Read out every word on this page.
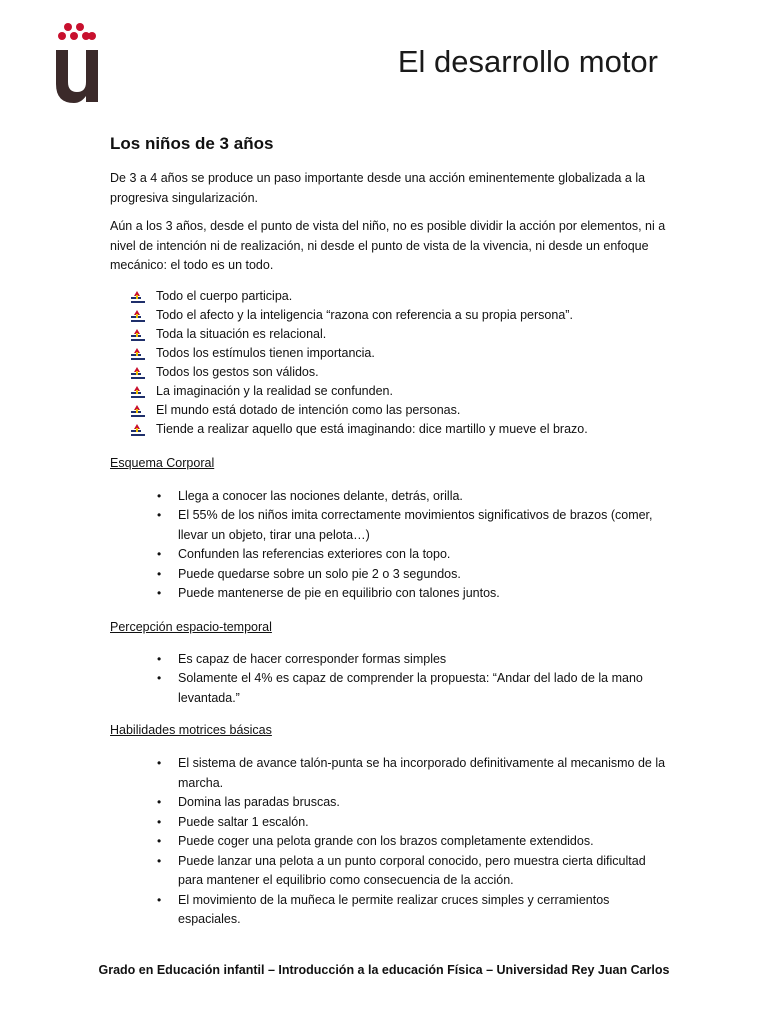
El desarrollo motor
Los niños de 3 años

De 3 a 4 años se produce un paso importante desde una acción eminentemente globalizada a la progresiva singularización.

Aún a los 3 años, desde el punto de vista del niño, no es posible dividir la acción por elementos, ni a nivel de intención ni de realización, ni desde el punto de vista de la vivencia, ni desde un enfoque mecánico: el todo es un todo.

Todo el cuerpo participa.
Todo el afecto y la inteligencia “razona con referencia a su propia persona”.
Toda la situación es relacional.
Todos los estímulos tienen importancia.
Todos los gestos son válidos.
La imaginación y la realidad se confunden.
El mundo está dotado de intención como las personas.
Tiende a realizar aquello que está imaginando: dice martillo y mueve el brazo.

Esquema Corporal

• Llega a conocer las nociones delante, detrás, orilla.
• El 55% de los niños imita correctamente movimientos significativos de brazos (comer, llevar un objeto, tirar una pelota…)
• Confunden las referencias exteriores con la topo.
• Puede quedarse sobre un solo pie 2 o 3 segundos.
• Puede mantenerse de pie en equilibrio con talones juntos.

Percepción espacio-temporal

• Es capaz de hacer corresponder formas simples
• Solamente el 4% es capaz de comprender la propuesta: “Andar del lado de la mano levantada.”

Habilidades motrices básicas

• El sistema de avance talón-punta se ha incorporado definitivamente al mecanismo de la marcha.
• Domina las paradas bruscas.
• Puede saltar 1 escalón.
• Puede coger una pelota grande con los brazos completamente extendidos.
• Puede lanzar una pelota a un punto corporal conocido, pero muestra cierta dificultad para mantener el equilibrio como consecuencia de la acción.
• El movimiento de la muñeca le permite realizar cruces simples y cerramientos espaciales.
Grado en Educación infantil – Introducción a la educación Física – Universidad Rey Juan Carlos
